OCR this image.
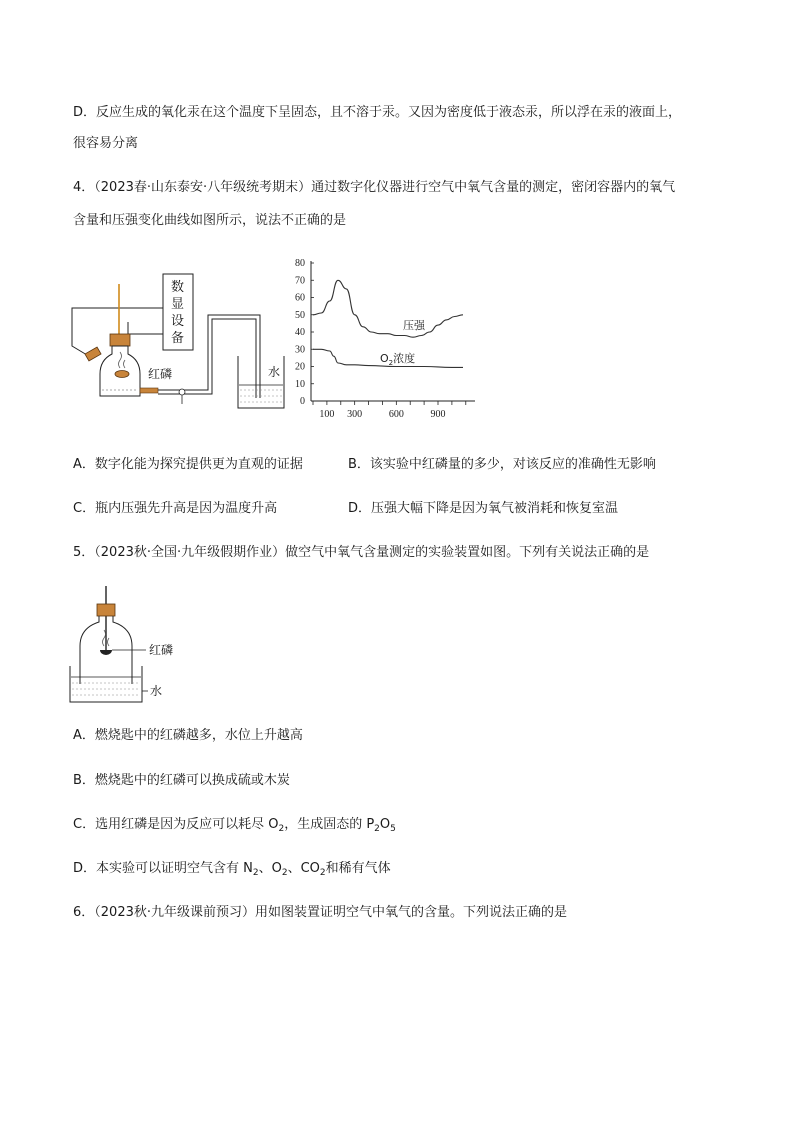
D．反应生成的氧化汞在这个温度下呈固态，且不溶于汞。又因为密度低于液态汞，所以浮在汞的液面上，
很容易分离
4．（2023春·山东泰安·八年级统考期末）通过数字化仪器进行空气中氧气含量的测定，密闭容器内的氧气
含量和压强变化曲线如图所示，说法不正确的是
数
显
设
备
红磷	水
80
70
60
50
40
30
20
10
0
100 300	600	900
压强
$O_2$浓度
A．数字化能为探究提供更为直观的证据	B．该实验中红磷量的多少，对该反应的准确性无影响
C．瓶内压强先升高是因为温度升高	D．压强大幅下降是因为氧气被消耗和恢复室温
5．（2023秋·全国·九年级假期作业）做空气中氧气含量测定的实验装置如图。下列有关说法正确的是
红磷
水
A．燃烧匙中的红磷越多，水位上升越高
B．燃烧匙中的红磷可以换成硫或木炭
C．选用红磷是因为反应可以耗尽 $O_2$，生成固态的 $P_2O_5$
D．本实验可以证明空气含有 $N_2$、$O_2$、$CO_2$和稀有气体
6．（2023秋·九年级课前预习）用如图装置证明空气中氧气的含量。下列说法正确的是
